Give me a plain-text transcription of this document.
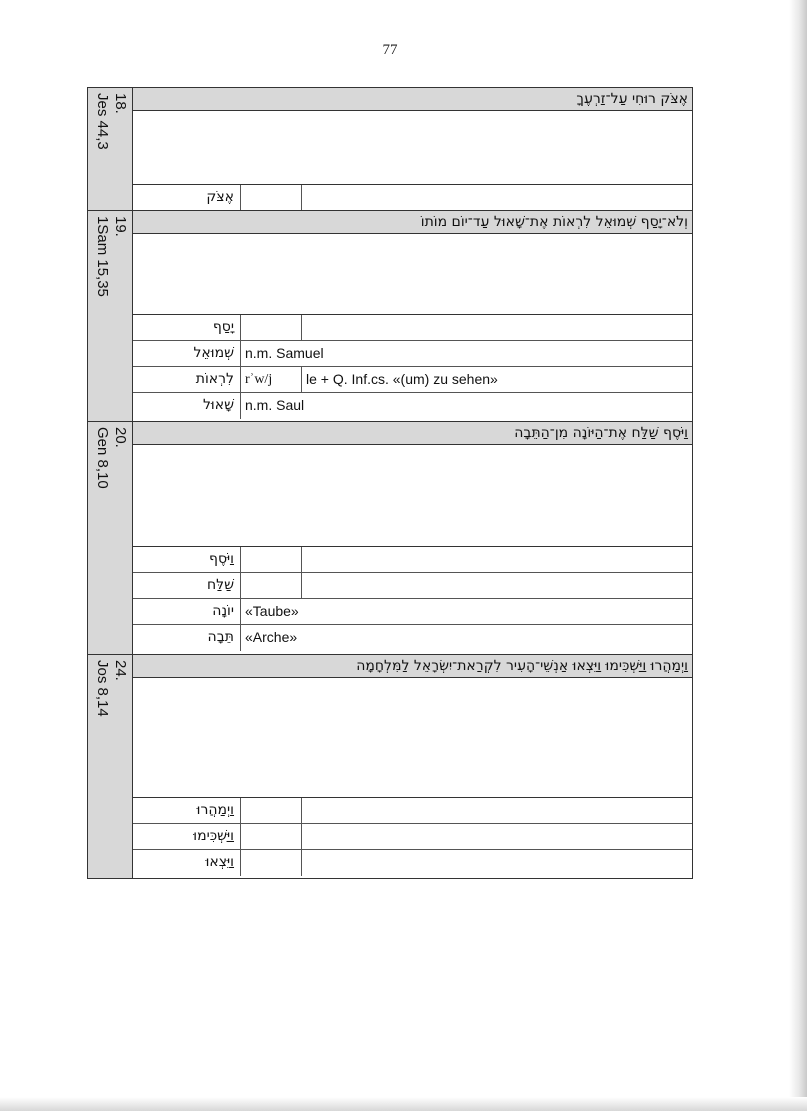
77
18.
Jes 44,3	אֶצֹּק רוּחִי עַל־זַרְעֶךָ
אֶצֹּק
19.
1Sam 15,35	וְלֹא־יָסַף שְׁמוּאֵל לִרְאוֹת אֶת־שָׁאוּל עַד־יוֹם מוֹתוֹ
יָסַף
שְׁמוּאֵל n.m. Samuel
לִרְאוֹת rʾw/j	le + Q. Inf.cs. «(um) zu sehen»
שָׁאוּל n.m. Saul
20.
Gen 8,10	וַיֹּסֶף שַׁלַּח אֶת־הַיּוֹנָה מִן־הַתֵּבָה
וַיֹּסֶף
שַׁלַּח
יוֹנָה «Taube»
תֵּבָה «Arche»
24.
Jos 8,14	וַיְמַהֲרוּ וַיַּשְׁכִּימוּ וַיֵּצְאוּ אַנְשֵׁי־הָעִיר לִקְרַאת־יִשְׂרָאֵל לַמִּלְחָמָה
וַיְמַהֲרוּ
וַיַּשְׁכִּימוּ
וַיֵּצְאוּ
